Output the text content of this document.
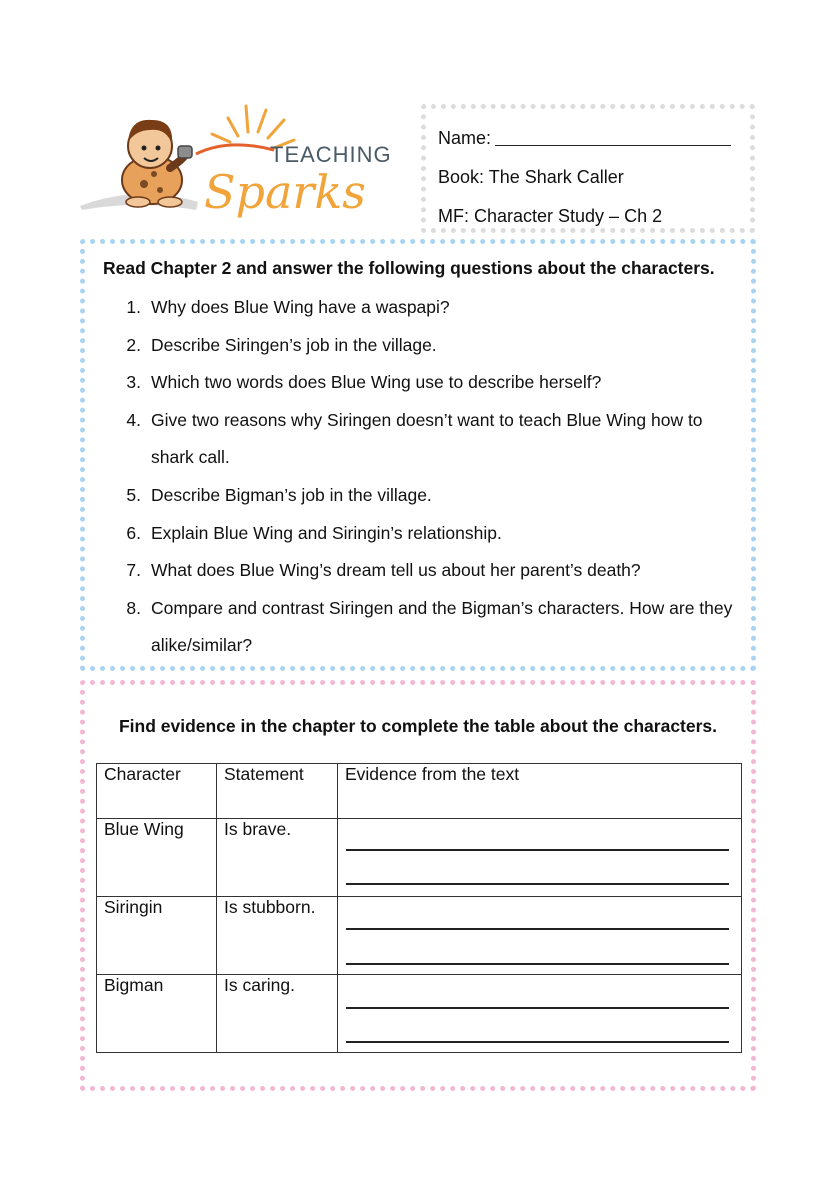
TEACHING
Sparks
Name:
Book: The Shark Caller
MF: Character Study – Ch 2
Read Chapter 2 and answer the following questions about the characters.
1. Why does Blue Wing have a waspapi?
2. Describe Siringen’s job in the village.
3. Which two words does Blue Wing use to describe herself?
4. Give two reasons why Siringen doesn’t want to teach Blue Wing how to shark call.
5. Describe Bigman’s job in the village.
6. Explain Blue Wing and Siringin’s relationship.
7. What does Blue Wing’s dream tell us about her parent’s death?
8. Compare and contrast Siringen and the Bigman’s characters. How are they alike/similar?
Find evidence in the chapter to complete the table about the characters.
Character	Statement	Evidence from the text
Blue Wing	Is brave.	

Siringin	Is stubborn.	

Bigman	Is caring.	
